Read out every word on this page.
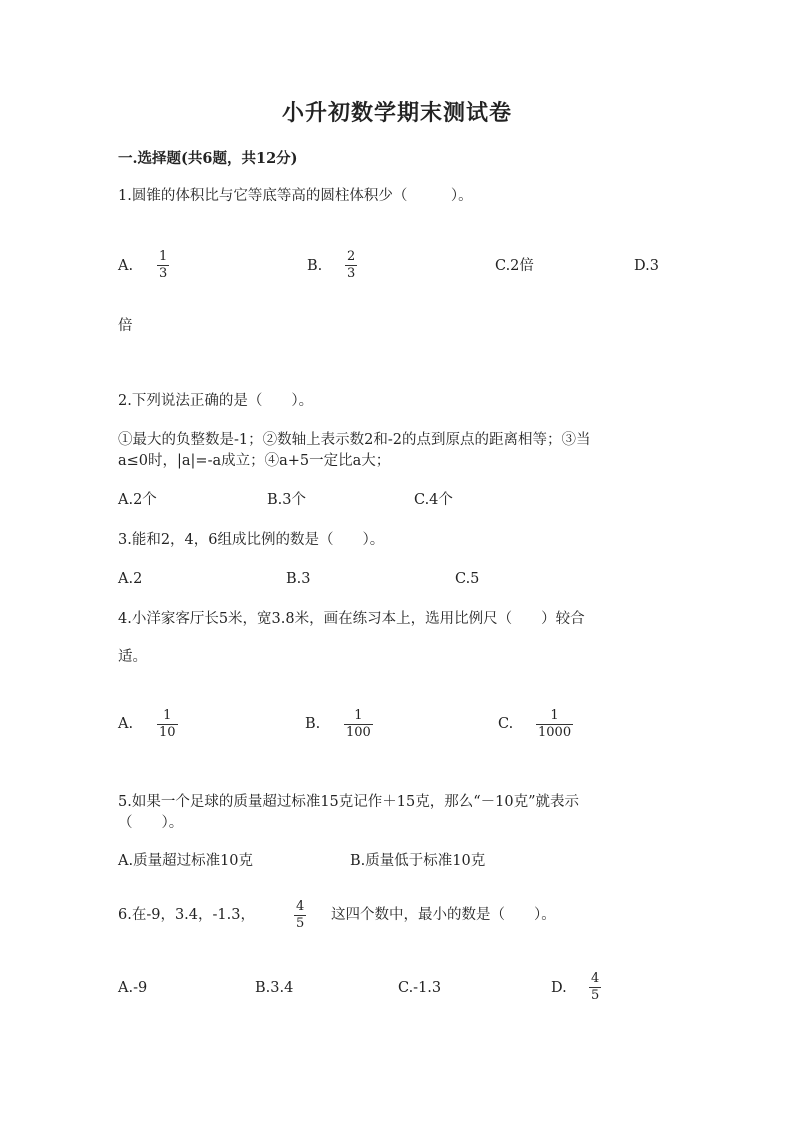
小升初数学期末测试卷
一.选择题(共6题，共12分)
1.圆锥的体积比与它等底等高的圆柱体积少（　　　）。
A.
1
3	B.
2
3	C.2倍	D.3
倍
2.下列说法正确的是（　　）。
①最大的负整数是-1；②数轴上表示数2和-2的点到原点的距离相等；③当
a≤0时，|a|=-a成立；④a+5一定比a大；
A.2个	B.3个	C.4个
3.能和2，4，6组成比例的数是（　　）。
A.2	B.3	C.5
4.小洋家客厅长5米，宽3.8米，画在练习本上，选用比例尺（　　）较合
适。
A.
1
10
B.
1
100
C.
1
1000
5.如果一个足球的质量超过标准15克记作＋15克，那么“－10克”就表示
（　　）。
A.质量超过标准10克	B.质量低于标准10克
6.在-9，3.4，-1.3，
4
5
这四个数中，最小的数是（　　）。
A.-9	B.3.4	C.-1.3	D.
4
5
